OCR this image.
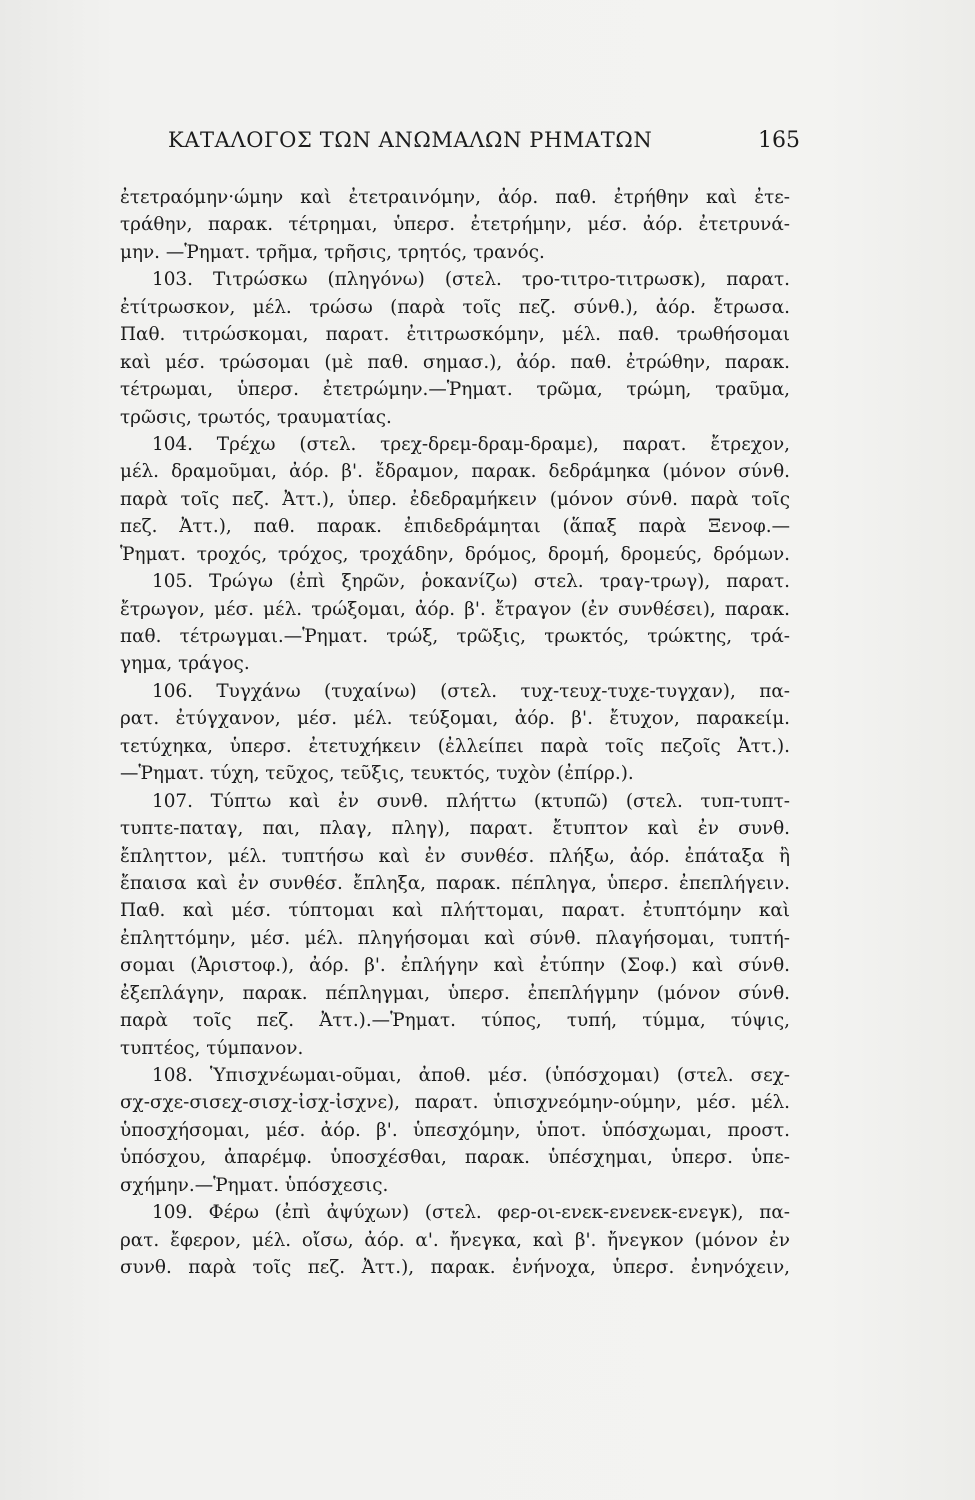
ΚΑΤΑΛΟΓΟΣ ΤΩΝ ΑΝΩΜΑΛΩΝ ΡΗΜΑΤΩΝ	165
ἐτετραόμην·ώμην καὶ ἐτετραινόμην, ἀόρ. παθ. ἐτρήθην καὶ ἐτε-
τράθην, παρακ. τέτρημαι, ὑπερσ. ἐτετρήμην, μέσ. ἀόρ. ἐτετρυνά-
μην. —Ῥηματ. τρῆμα, τρῆσις, τρητός, τρανός.
103. Τιτρώσκω (πληγόνω) (στελ. τρο-τιτρο-τιτρωσκ), παρατ.
ἐτίτρωσκον, μέλ. τρώσω (παρὰ τοῖς πεζ. σύνθ.), ἀόρ. ἔτρωσα.
Παθ. τιτρώσκομαι, παρατ. ἐτιτρωσκόμην, μέλ. παθ. τρωθήσομαι
καὶ μέσ. τρώσομαι (μὲ παθ. σημασ.), ἀόρ. παθ. ἐτρώθην, παρακ.
τέτρωμαι, ὑπερσ. ἐτετρώμην.—Ῥηματ. τρῶμα, τρώμη, τραῦμα,
τρῶσις, τρωτός, τραυματίας.
104. Τρέχω (στελ. τρεχ-δρεμ-δραμ-δραμε), παρατ. ἔτρεχον,
μέλ. δραμοῦμαι, ἀόρ. β'. ἔδραμον, παρακ. δεδράμηκα (μόνον σύνθ.
παρὰ τοῖς πεζ. Ἀττ.), ὑπερ. ἐδεδραμήκειν (μόνον σύνθ. παρὰ τοῖς
πεζ. Ἀττ.), παθ. παρακ. ἐπιδεδράμηται (ἅπαξ παρὰ Ξενοφ.—
Ῥηματ. τροχός, τρόχος, τροχάδην, δρόμος, δρομή, δρομεύς, δρόμων.
105. Τρώγω (ἐπὶ ξηρῶν, ῥοκανίζω) στελ. τραγ-τρωγ), παρατ.
ἔτρωγον, μέσ. μέλ. τρώξομαι, ἀόρ. β'. ἔτραγον (ἐν συνθέσει), παρακ.
παθ. τέτρωγμαι.—Ῥηματ. τρώξ, τρῶξις, τρωκτός, τρώκτης, τρά-
γημα, τράγος.
106. Τυγχάνω (τυχαίνω) (στελ. τυχ-τευχ-τυχε-τυγχαν), πα-
ρατ. ἐτύγχανον, μέσ. μέλ. τεύξομαι, ἀόρ. β'. ἔτυχον, παρακείμ.
τετύχηκα, ὑπερσ. ἐτετυχήκειν (ἐλλείπει παρὰ τοῖς πεζοῖς Ἀττ.).
—Ῥηματ. τύχη, τεῦχος, τεῦξις, τευκτός, τυχὸν (ἐπίρρ.).
107. Τύπτω καὶ ἐν συνθ. πλήττω (κτυπῶ) (στελ. τυπ-τυπτ-
τυπτε-παταγ, παι, πλαγ, πληγ), παρατ. ἔτυπτον καὶ ἐν συνθ.
ἔπληττον, μέλ. τυπτήσω καὶ ἐν συνθέσ. πλήξω, ἀόρ. ἐπάταξα ἢ
ἔπαισα καὶ ἐν συνθέσ. ἔπληξα, παρακ. πέπληγα, ὑπερσ. ἐπεπλήγειν.
Παθ. καὶ μέσ. τύπτομαι καὶ πλήττομαι, παρατ. ἐτυπτόμην καὶ
ἐπληττόμην, μέσ. μέλ. πληγήσομαι καὶ σύνθ. πλαγήσομαι, τυπτή-
σομαι (Ἀριστοφ.), ἀόρ. β'. ἐπλήγην καὶ ἐτύπην (Σοφ.) καὶ σύνθ.
ἐξεπλάγην, παρακ. πέπληγμαι, ὑπερσ. ἐπεπλήγμην (μόνον σύνθ.
παρὰ τοῖς πεζ. Ἀττ.).—Ῥηματ. τύπος, τυπή, τύμμα, τύψις,
τυπτέος, τύμπανον.
108. Ὑπισχνέωμαι-οῦμαι, ἀποθ. μέσ. (ὑπόσχομαι) (στελ. σεχ-
σχ-σχε-σισεχ-σισχ-ἰσχ-ἰσχνε), παρατ. ὑπισχνεόμην-ούμην, μέσ. μέλ.
ὑποσχήσομαι, μέσ. ἀόρ. β'. ὑπεσχόμην, ὑποτ. ὑπόσχωμαι, προστ.
ὑπόσχου, ἀπαρέμφ. ὑποσχέσθαι, παρακ. ὑπέσχημαι, ὑπερσ. ὑπε-
σχήμην.—Ῥηματ. ὑπόσχεσις.
109. Φέρω (ἐπὶ ἀψύχων) (στελ. φερ-οι-ενεκ-ενενεκ-ενεγκ), πα-
ρατ. ἔφερον, μέλ. οἴσω, ἀόρ. α'. ἤνεγκα, καὶ β'. ἤνεγκον (μόνον ἐν
συνθ. παρὰ τοῖς πεζ. Ἀττ.), παρακ. ἐνήνοχα, ὑπερσ. ἐνηνόχειν,
